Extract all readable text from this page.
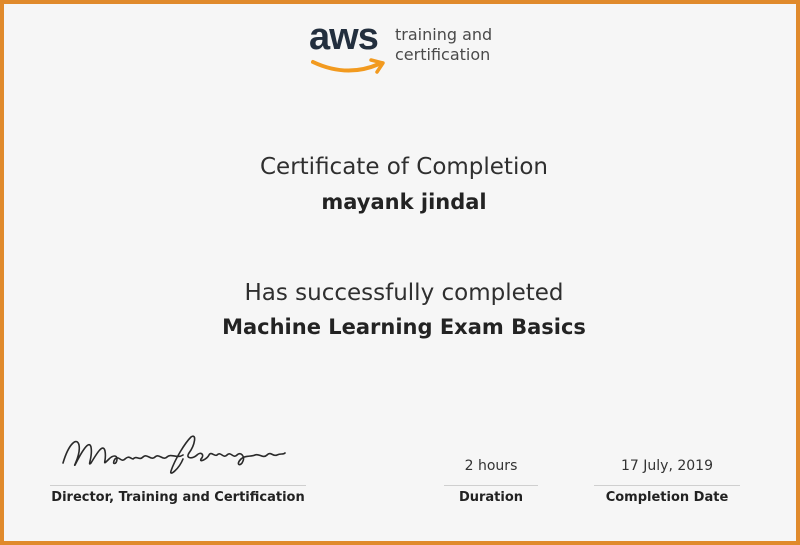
aws training and
certification
Certificate of Completion
mayank jindal
Has successfully completed
Machine Learning Exam Basics
Director, Training and Certification
2 hours
Duration
17 July, 2019
Completion Date
